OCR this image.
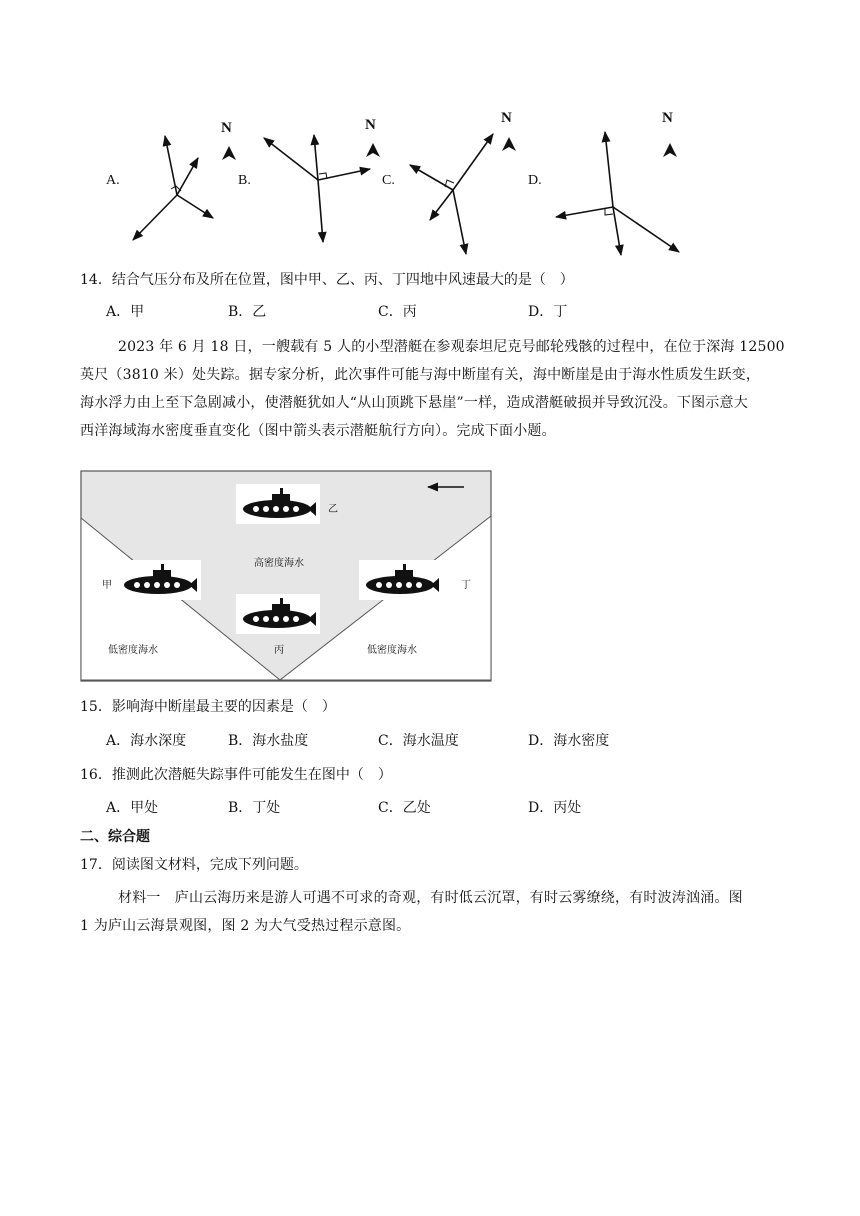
A.
N
B.
N
C.
N
D.
N
14．结合气压分布及所在位置，图中甲、乙、丙、丁四地中风速最大的是（　）
A．甲	B．乙	C．丙	D．丁
2023 年 6 月 18 日，一艘载有 5 人的小型潜艇在参观泰坦尼克号邮轮残骸的过程中，在位于深海 12500
英尺（3810 米）处失踪。据专家分析，此次事件可能与海中断崖有关，海中断崖是由于海水性质发生跃变，
海水浮力由上至下急剧减小，使潜艇犹如人“从山顶跳下悬崖”一样，造成潜艇破损并导致沉没。下图示意大
西洋海域海水密度垂直变化（图中箭头表示潜艇航行方向）。完成下面小题。
乙
高密度海水
甲	丁
低密度海水	丙	低密度海水
15．影响海中断崖最主要的因素是（　）
A．海水深度	B．海水盐度	C．海水温度	D．海水密度
16．推测此次潜艇失踪事件可能发生在图中（　）
A．甲处	B．丁处	C．乙处	D．丙处
二、综合题
17．阅读图文材料，完成下列问题。
材料一　庐山云海历来是游人可遇不可求的奇观，有时低云沉罩，有时云雾缭绕，有时波涛汹涌。图
1 为庐山云海景观图，图 2 为大气受热过程示意图。
